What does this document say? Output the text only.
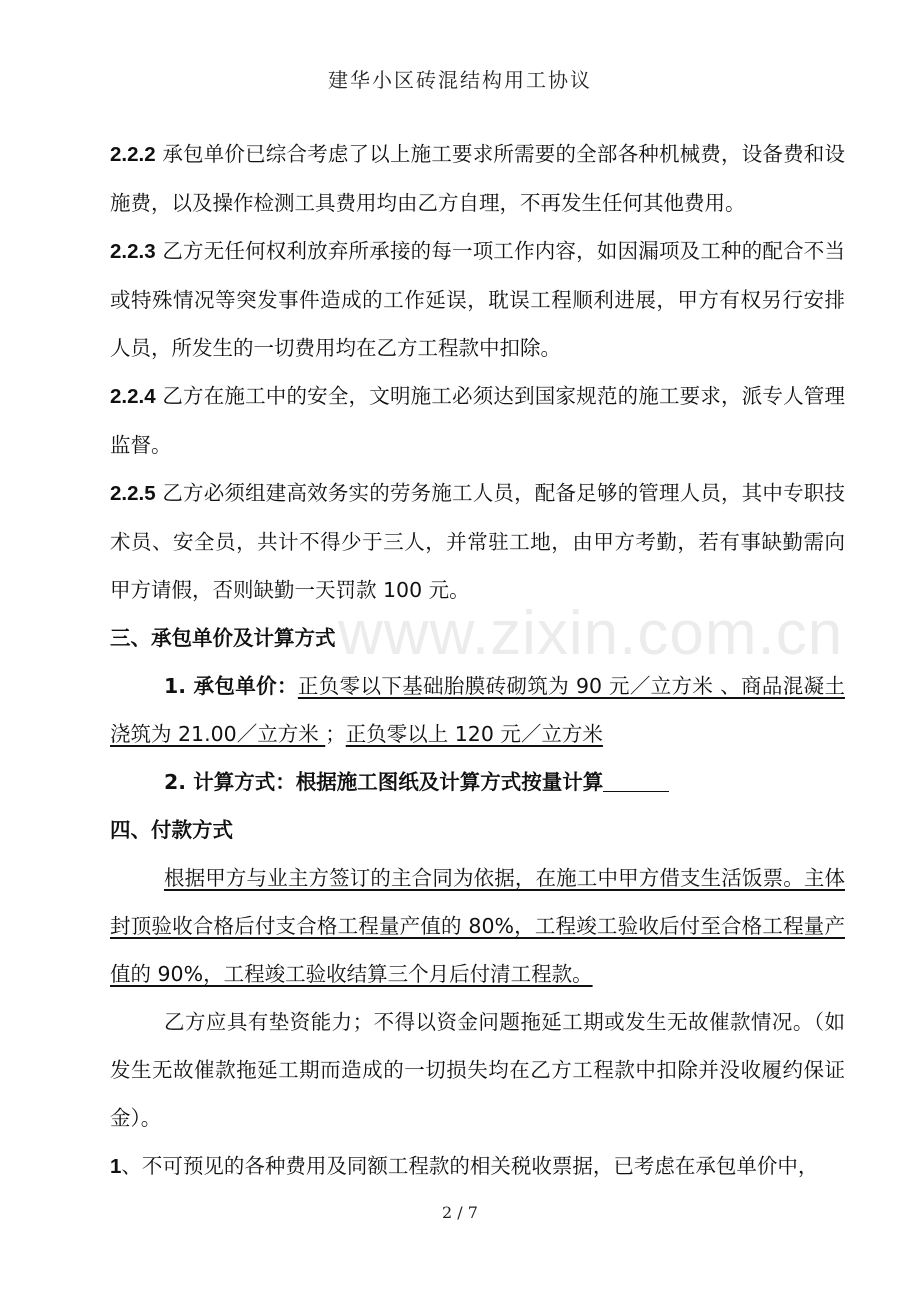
建华小区砖混结构用工协议
www.zixin.com.cn

2.2.2 承包单价已综合考虑了以上施工要求所需要的全部各种机械费，设备费和设施费，以及操作检测工具费用均由乙方自理，不再发生任何其他费用。

2.2.3 乙方无任何权利放弃所承接的每一项工作内容，如因漏项及工种的配合不当或特殊情况等突发事件造成的工作延误，耽误工程顺利进展，甲方有权另行安排人员，所发生的一切费用均在乙方工程款中扣除。

2.2.4 乙方在施工中的安全，文明施工必须达到国家规范的施工要求，派专人管理监督。

2.2.5 乙方必须组建高效务实的劳务施工人员，配备足够的管理人员，其中专职技术员、安全员，共计不得少于三人，并常驻工地，由甲方考勤，若有事缺勤需向甲方请假，否则缺勤一天罚款 100 元。

三、承包单价及计算方式

1. 承包单价：正负零以下基础胎膜砖砌筑为 90 元／立方米 、商品混凝土浇筑为 21.00／立方米 ；正负零以上 120 元／立方米

2. 计算方式：根据施工图纸及计算方式按量计算

四、付款方式

根据甲方与业主方签订的主合同为依据，在施工中甲方借支生活饭票。主体封顶验收合格后付支合格工程量产值的 80%，工程竣工验收后付至合格工程量产值的 90%，工程竣工验收结算三个月后付清工程款。

乙方应具有垫资能力；不得以资金问题拖延工期或发生无故催款情况。（如发生无故催款拖延工期而造成的一切损失均在乙方工程款中扣除并没收履约保证金）。

1、不可预见的各种费用及同额工程款的相关税收票据，已考虑在承包单价中，

2 / 7
